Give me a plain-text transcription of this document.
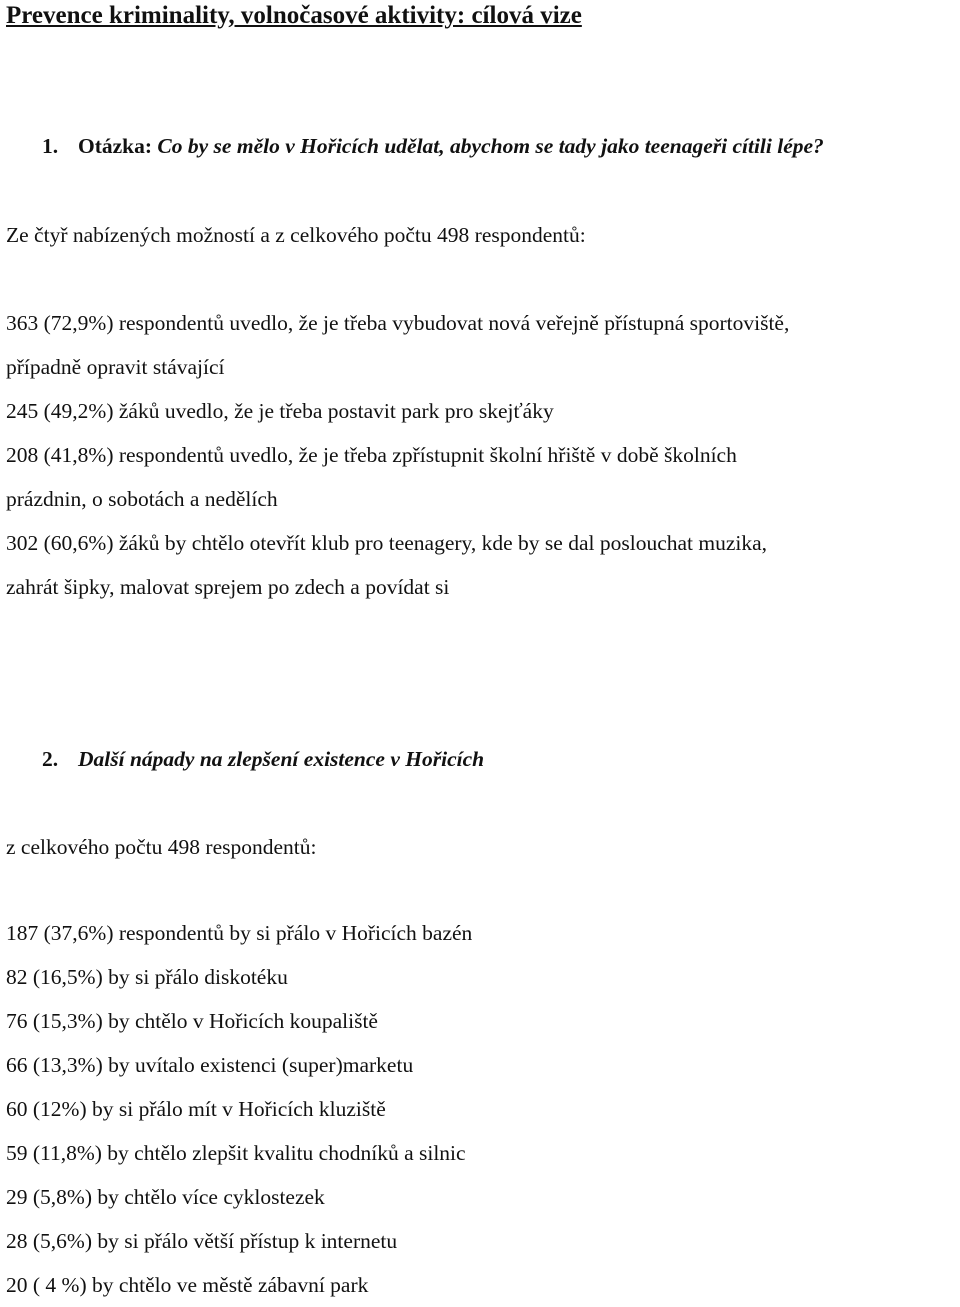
Prevence kriminality, volnočasové aktivity: cílová vize
1. Otázka: Co by se mělo v Hořicích udělat, abychom se tady jako teenageři cítili lépe?
Ze čtyř nabízených možností a z celkového počtu 498 respondentů:
363 (72,9%) respondentů uvedlo, že je třeba vybudovat nová veřejně přístupná sportoviště,
případně opravit stávající
245 (49,2%) žáků uvedlo, že je třeba postavit park pro skejťáky
208 (41,8%) respondentů uvedlo, že je třeba zpřístupnit školní hřiště v době školních
prázdnin, o sobotách a nedělích
302 (60,6%) žáků by chtělo otevřít klub pro teenagery, kde by se dal poslouchat muzika,
zahrát šipky, malovat sprejem po zdech a povídat si
2. Další nápady na zlepšení existence v Hořicích
z celkového počtu 498 respondentů:
187 (37,6%) respondentů by si přálo v Hořicích bazén
82 (16,5%) by si přálo diskotéku
76 (15,3%) by chtělo v Hořicích koupaliště
66 (13,3%) by uvítalo existenci (super)marketu
60 (12%) by si přálo mít v Hořicích kluziště
59 (11,8%) by chtělo zlepšit kvalitu chodníků a silnic
29 (5,8%) by chtělo více cyklostezek
28 (5,6%) by si přálo větší přístup k internetu
20 ( 4 %) by chtělo ve městě zábavní park
